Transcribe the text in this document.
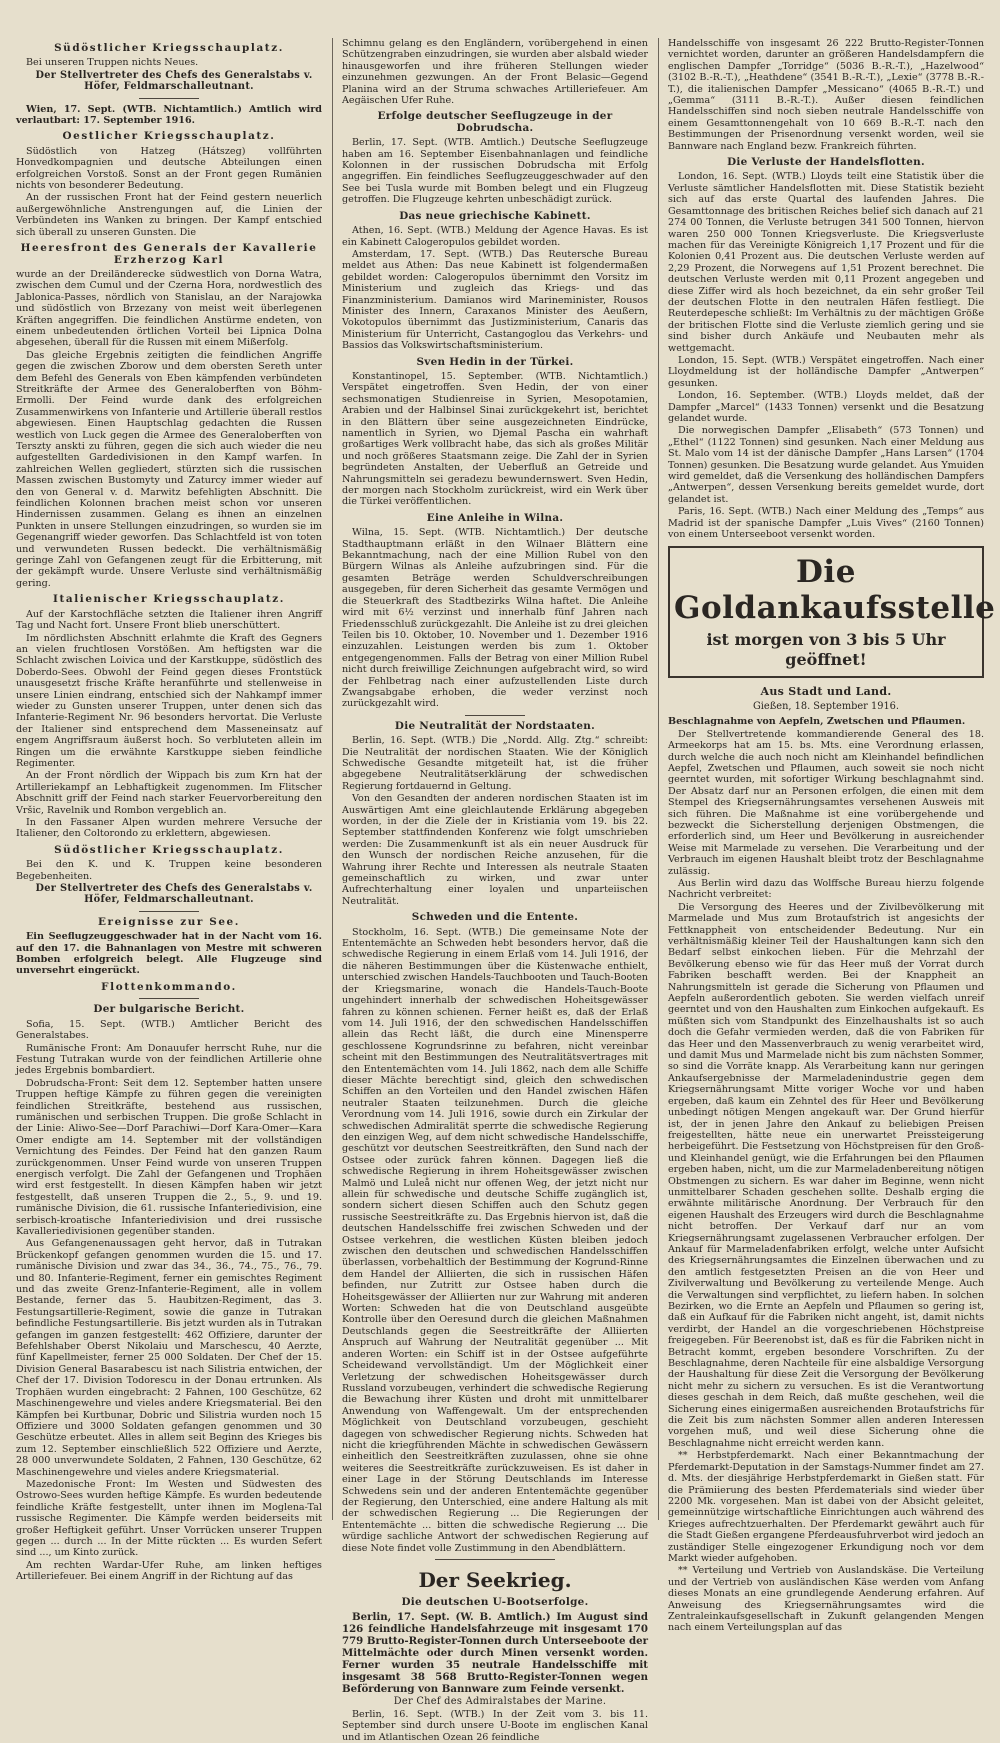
Südöstlicher Kriegsschauplatz.

Bei unseren Truppen nichts Neues.

Der Stellvertreter des Chefs des Generalstabs v. Höfer, Feldmarschalleutnant.

Wien, 17. Sept. (WTB. Nichtamtlich.) Amtlich wird verlautbart: 17. September 1916.

Oestlicher Kriegsschauplatz.

Südöstlich von Hatzeg (Hátszeg) vollführten Honvedkompagnien und deutsche Abteilungen einen erfolgreichen Vorstoß. Sonst an der Front gegen Rumänien nichts von besonderer Bedeutung.

An der russischen Front hat der Feind gestern neuerlich außergewöhnliche Anstrengungen auf, die Linien der Verbündeten ins Wanken zu bringen. Der Kampf entschied sich überall zu unseren Gunsten. Die

Heeresfront des Generals der Kavallerie Erzherzog Karl

wurde an der Dreiländerecke südwestlich von Dorna Watra, zwischen dem Cumul und der Czerna Hora, nordwestlich des Jablonica-Passes, nördlich von Stanislau, an der Narajowka und südöstlich von Brzezany von meist weit überlegenen Kräften angegriffen. Die feindlichen Anstürme endeten, von einem unbedeutenden örtlichen Vorteil bei Lipnica Dolna abgesehen, überall für die Russen mit einem Mißerfolg.

Das gleiche Ergebnis zeitigten die feindlichen Angriffe gegen die zwischen Zborow und dem obersten Sereth unter dem Befehl des Generals von Eben kämpfenden verbündeten Streitkräfte der Armee des Generaloberften von Böhm-Ermolli. Der Feind wurde dank des erfolgreichen Zusammenwirkens von Infanterie und Artillerie überall restlos abgewiesen. Einen Hauptschlag gedachten die Russen westlich von Luck gegen die Armee des Generaloberften von Terszty anskti zu führen, gegen die sich auch wieder die neu aufgestellten Gardedivisionen in den Kampf warfen. In zahlreichen Wellen gegliedert, stürzten sich die russischen Massen zwischen Bustomyty und Zaturcy immer wieder auf den von General v. d. Marwitz befehligten Abschnitt. Die feindlichen Kolonnen brachen meist schon vor unseren Hindernissen zusammen. Gelang es ihnen an einzelnen Punkten in unsere Stellungen einzudringen, so wurden sie im Gegenangriff wieder geworfen. Das Schlachtfeld ist von toten und verwundeten Russen bedeckt. Die verhältnismäßig geringe Zahl von Gefangenen zeugt für die Erbitterung, mit der gekämpft wurde. Unsere Verluste sind verhältnismäßig gering.

Italienischer Kriegsschauplatz.

Auf der Karstochfläche setzten die Italiener ihren Angriff Tag und Nacht fort. Unsere Front blieb unerschüttert.

Im nördlichsten Abschnitt erlahmte die Kraft des Gegners an vielen fruchtlosen Vorstößen. Am heftigsten war die Schlacht zwischen Loivica und der Karstkuppe, südöstlich des Doberdo-Sees. Obwohl der Feind gegen dieses Frontstück unausgesetzt frische Kräfte heranführte und stellenweise in unsere Linien eindrang, entschied sich der Nahkampf immer wieder zu Gunsten unserer Truppen, unter denen sich das Infanterie-Regiment Nr. 96 besonders hervortat. Die Verluste der Italiener sind entsprechend dem Masseneinsatz auf engem Angriffsraum äußerst hoch. So verbluteten allein im Ringen um die erwähnte Karstkuppe sieben feindliche Regimenter.

An der Front nördlich der Wippach bis zum Krn hat der Artilleriekampf an Lebhaftigkeit zugenommen. Im Flitscher Abschnitt griff der Feind nach starker Feuervorbereitung den Vršic, Ravelnik und Rombon vergeblich an.

In den Fassaner Alpen wurden mehrere Versuche der Italiener, den Coltorondo zu erklettern, abgewiesen.

Südöstlicher Kriegsschauplatz.

Bei den K. und K. Truppen keine besonderen Begebenheiten.

Der Stellvertreter des Chefs des Generalstabs v. Höfer, Feldmarschalleutnant.

Ereignisse zur See.

Ein Seeflugzeuggeschwader hat in der Nacht vom 16. auf den 17. die Bahnanlagen von Mestre mit schweren Bomben erfolgreich belegt. Alle Flugzeuge sind unversehrt eingerückt.

Flottenkommando.
Der bulgarische Bericht.

Sofia, 15. Sept. (WTB.) Amtlicher Bericht des Generalstabes.

Rumänische Front: Am Donauufer herrscht Ruhe, nur die Festung Tutrakan wurde von der feindlichen Artillerie ohne jedes Ergebnis bombardiert.

Dobrudscha-Front: Seit dem 12. September hatten unsere Truppen heftige Kämpfe zu führen gegen die vereinigten feindlichen Streitkräfte, bestehend aus russischen, rumänischen und serbischen Truppen. Die große Schlacht in der Linie: Aliwo-See—Dorf Parachiwi—Dorf Kara-Omer—Kara Omer endigte am 14. September mit der vollständigen Vernichtung des Feindes. Der Feind hat den ganzen Raum zurückgenommen. Unser Feind wurde von unseren Truppen energisch verfolgt. Die Zahl der Gefangenen und Trophäen wird erst festgestellt. In diesen Kämpfen haben wir jetzt festgestellt, daß unseren Truppen die 2., 5., 9. und 19. rumänische Division, die 61. russische Infanteriedivision, eine serbisch-kroatische Infanteriedivision und drei russische Kavalleriedivisionen gegenüber standen.

Aus Gefangenenaussagen geht hervor, daß in Tutrakan Brückenkopf gefangen genommen wurden die 15. und 17. rumänische Division und zwar das 34., 36., 74., 75., 76., 79. und 80. Infanterie-Regiment, ferner ein gemischtes Regiment und das zweite Grenz-Infanterie-Regiment, alle in vollem Bestande, ferner das 5. Haubitzen-Regiment, das 3. Festungsartillerie-Regiment, sowie die ganze in Tutrakan befindliche Festungsartillerie. Bis jetzt wurden als in Tutrakan gefangen im ganzen festgestellt: 462 Offiziere, darunter der Befehlshaber Oberst Nikolaiu und Marschescu, 40 Aerzte, fünf Kapellmeister, ferner 25 000 Soldaten. Der Chef der 15. Division General Basarabescu ist nach Silistria entwichen, der Chef der 17. Division Todorescu in der Donau ertrunken. Als Trophäen wurden eingebracht: 2 Fahnen, 100 Geschütze, 62 Maschinengewehre und vieles andere Kriegsmaterial. Bei den Kämpfen bei Kurtbunar, Dobric und Silistria wurden noch 15 Offiziere und 3000 Soldaten gefangen genommen und 30 Geschütze erbeutet. Alles in allem seit Beginn des Krieges bis zum 12. September einschließlich 522 Offiziere und Aerzte, 28 000 unverwundete Soldaten, 2 Fahnen, 130 Geschütze, 62 Maschinengewehre und vieles andere Kriegsmaterial.

Mazedonische Front: Im Westen und Südwesten des Ostrowo-Sees wurden heftige Kämpfe. Es wurden bedeutende feindliche Kräfte festgestellt, unter ihnen im Moglena-Tal russische Regimenter. Die Kämpfe werden beiderseits mit großer Heftigkeit geführt. Unser Vorrücken unserer Truppen gegen ... durch ... In der Mitte rückten ... Es wurden Sefert sind ..., um Kinto zurück.

Am rechten Wardar-Ufer Ruhe, am linken heftiges Artilleriefeuer. Bei einem Angriff in der Richtung auf das

Schimnu gelang es den Engländern, vorübergehend in einen Schützengraben einzudringen, sie wurden aber alsbald wieder hinausgeworfen und ihre früheren Stellungen wieder einzunehmen gezwungen. An der Front Belasic—Gegend Planina wird an der Struma schwaches Artilleriefeuer. Am Aegäischen Ufer Ruhe.

Erfolge deutscher Seeflugzeuge in der Dobrudscha.

Berlin, 17. Sept. (WTB. Amtlich.) Deutsche Seeflugzeuge haben am 16. September Eisenbahnanlagen und feindliche Kolonnen in der russischen Dobrudscha mit Erfolg angegriffen. Ein feindliches Seeflugzeuggeschwader auf den See bei Tusla wurde mit Bomben belegt und ein Flugzeug getroffen. Die Flugzeuge kehrten unbeschädigt zurück.

Das neue griechische Kabinett.

Athen, 16. Sept. (WTB.) Meldung der Agence Havas. Es ist ein Kabinett Calogeropulos gebildet worden.

Amsterdam, 17. Sept. (WTB.) Das Reutersche Bureau meldet aus Athen: Das neue Kabinett ist folgendermaßen gebildet worden: Calogeropulos übernimmt den Vorsitz im Ministerium und zugleich das Kriegs- und das Finanzministerium. Damianos wird Marineminister, Rousos Minister des Innern, Caraxanos Minister des Aeußern, Vokotopulos übernimmt das Justizministerium, Canaris das Ministerium für Unterricht, Castangoglou das Verkehrs- und Bassios das Volkswirtschaftsministerium.

Sven Hedin in der Türkei.

Konstantinopel, 15. September. (WTB. Nichtamtlich.) Verspätet eingetroffen. Sven Hedin, der von einer sechsmonatigen Studienreise in Syrien, Mesopotamien, Arabien und der Halbinsel Sinai zurückgekehrt ist, berichtet in den Blättern über seine ausgezeichneten Eindrücke, namentlich in Syrien, wo Djemal Pascha ein wahrhaft großartiges Werk vollbracht habe, das sich als großes Militär und noch größeres Staatsmann zeige. Die Zahl der in Syrien begründeten Anstalten, der Ueberfluß an Getreide und Nahrungsmitteln sei geradezu bewundernswert. Sven Hedin, der morgen nach Stockholm zurückreist, wird ein Werk über die Türkei veröffentlichen.

Eine Anleihe in Wilna.

Wilna, 15. Sept. (WTB. Nichtamtlich.) Der deutsche Stadthauptmann erläßt in den Wilnaer Blättern eine Bekanntmachung, nach der eine Million Rubel von den Bürgern Wilnas als Anleihe aufzubringen sind. Für die gesamten Beträge werden Schuldverschreibungen ausgegeben, für deren Sicherheit das gesamte Vermögen und die Steuerkraft des Stadtbezirks Wilna haftet. Die Anleihe wird mit 6½ verzinst und innerhalb fünf Jahren nach Friedensschluß zurückgezahlt. Die Anleihe ist zu drei gleichen Teilen bis 10. Oktober, 10. November und 1. Dezember 1916 einzuzahlen. Leistungen werden bis zum 1. Oktober entgegengenommen. Falls der Betrag von einer Million Rubel nicht durch freiwillige Zeichnungen aufgebracht wird, so wird der Fehlbetrag nach einer aufzustellenden Liste durch Zwangsabgabe erhoben, die weder verzinst noch zurückgezahlt wird.

Die Neutralität der Nordstaaten.

Berlin, 16. Sept. (WTB.) Die „Nordd. Allg. Ztg.“ schreibt: Die Neutralität der nordischen Staaten. Wie der Königlich Schwedische Gesandte mitgeteilt hat, ist die früher abgegebene Neutralitätserklärung der schwedischen Regierung fortdauernd in Geltung.

Von den Gesandten der anderen nordischen Staaten ist im Auswärtigen Amt eine gleichlautende Erklärung abgegeben worden, in der die Ziele der in Kristiania vom 19. bis 22. September stattfindenden Konferenz wie folgt umschrieben werden: Die Zusammenkunft ist als ein neuer Ausdruck für den Wunsch der nordischen Reiche anzusehen, für die Wahrung ihrer Rechte und Interessen als neutrale Staaten gemeinschaftlich zu wirken, und zwar unter Aufrechterhaltung einer loyalen und unparteiischen Neutralität.

Schweden und die Entente.

Stockholm, 16. Sept. (WTB.) Die gemeinsame Note der Ententemächte an Schweden hebt besonders hervor, daß die schwedische Regierung in einem Erlaß vom 14. Juli 1916, der die näheren Bestimmungen über die Küstenwache enthielt, unterschied zwischen Handels-Tauchbooten und Tauch-Booten der Kriegsmarine, wonach die Handels-Tauch-Boote ungehindert innerhalb der schwedischen Hoheitsgewässer fahren zu können schienen. Ferner heißt es, daß der Erlaß vom 14. Juli 1916, der den schwedischen Handelsschiffen allein das Recht läßt, die durch eine Minensperre geschlossene Kogrundsrinne zu befahren, nicht vereinbar scheint mit den Bestimmungen des Neutralitätsvertrages mit den Ententemächten vom 14. Juli 1862, nach dem alle Schiffe dieser Mächte berechtigt sind, gleich den schwedischen Schiffen an den Vorteilen und den Handel zwischen Häfen neutraler Staaten teilzunehmen. Durch die gleiche Verordnung vom 14. Juli 1916, sowie durch ein Zirkular der schwedischen Admiralität sperrte die schwedische Regierung den einzigen Weg, auf dem nicht schwedische Handelsschiffe, geschützt vor deutschen Seestreitkräften, den Sund nach der Ostsee oder zurück fahren können. Dagegen ließ die schwedische Regierung in ihrem Hoheitsgewässer zwischen Malmö und Luleå nicht nur offenen Weg, der jetzt nicht nur allein für schwedische und deutsche Schiffe zugänglich ist, sondern sichert diesen Schiffen auch den Schutz gegen russische Seestreitkräfte zu. Das Ergebnis hiervon ist, daß die deutschen Handelsschiffe frei zwischen Schweden und der Ostsee verkehren, die westlichen Küsten bleiben jedoch zwischen den deutschen und schwedischen Handelsschiffen überlassen, vorbehaltlich der Bestimmung der Kogrund-Rinne dem Handel der Alliierten, die sich in russischen Häfen befinden, nur Zutritt zur Ostsee haben durch die Hoheitsgewässer der Alliierten nur zur Wahrung mit anderen Worten: Schweden hat die von Deutschland ausgeübte Kontrolle über den Oeresund durch die gleichen Maßnahmen Deutschlands gegen die Seestreitkräfte der Alliierten Anspruch auf Wahrung der Neutralität gegenüber ... Mit anderen Worten: ein Schiff ist in der Ostsee aufgeführte Scheidewand vervollständigt. Um der Möglichkeit einer Verletzung der schwedischen Hoheitsgewässer durch Russland vorzubeugen, verhindert die schwedische Regierung die Bewachung ihrer Küsten und droht mit unmittelbarer Anwendung von Waffengewalt. Um der entsprechenden Möglichkeit von Deutschland vorzubeugen, geschieht dagegen von schwedischer Regierung nichts. Schweden hat nicht die kriegführenden Mächte in schwedischen Gewässern einheitlich den Seestreitkräften zuzulassen, ohne sie ohne weiteres die Seestreitkräfte zurückzuweisen. Es ist daher in einer Lage in der Störung Deutschlands im Interesse Schwedens sein und der anderen Ententemächte gegenüber der Regierung, den Unterschied, eine andere Haltung als mit der schwedischen Regierung ... Die Regierungen der Ententemächte ... bitten die schwedische Regierung ... Die würdige sachliche Antwort der schwedischen Regierung auf diese Note findet volle Zustimmung in den Abendblättern.

Der Seekrieg.
Die deutschen U-Bootserfolge.

Berlin, 17. Sept. (W. B. Amtlich.) Im August sind 126 feindliche Handelsfahrzeuge mit insgesamt 170 779 Brutto-Register-Tonnen durch Unterseeboote der Mittelmächte oder durch Minen versenkt worden. Ferner wurden 35 neutrale Handelsschiffe mit insgesamt 38 568 Brutto-Register-Tonnen wegen Beförderung von Bannware zum Feinde versenkt.

Der Chef des Admiralstabes der Marine.

Berlin, 16. Sept. (WTB.) In der Zeit vom 3. bis 11. September sind durch unsere U-Boote im englischen Kanal und im Atlantischen Ozean 26 feindliche

Handelsschiffe von insgesamt 26 222 Brutto-Register-Tonnen vernichtet worden, darunter an größeren Handelsdampfern die englischen Dampfer „Torridge“ (5036 B.-R.-T.), „Hazelwood“ (3102 B.-R.-T.), „Heathdene“ (3541 B.-R.-T.), „Lexie“ (3778 B.-R.-T.), die italienischen Dampfer „Messicano“ (4065 B.-R.-T.) und „Gemma“ (3111 B.-R.-T.). Außer diesen feindlichen Handelsschiffen sind noch sieben neutrale Handelsschiffe von einem Gesamttonnengehalt von 10 669 B.-R.-T. nach den Bestimmungen der Prisenordnung versenkt worden, weil sie Bannware nach England bezw. Frankreich führten.

Die Verluste der Handelsflotten.

London, 16. Sept. (WTB.) Lloyds teilt eine Statistik über die Verluste sämtlicher Handelsflotten mit. Diese Statistik bezieht sich auf das erste Quartal des laufenden Jahres. Die Gesamttonnage des britischen Reiches belief sich danach auf 21 274 00 Tonnen, die Verluste betrugen 341 500 Tonnen, hiervon waren 250 000 Tonnen Kriegsverluste. Die Kriegsverluste machen für das Vereinigte Königreich 1,17 Prozent und für die Kolonien 0,41 Prozent aus. Die deutschen Verluste werden auf 2,29 Prozent, die Norwegens auf 1,51 Prozent berechnet. Die deutschen Verluste werden mit 0,11 Prozent angegeben und diese Ziffer wird als hoch bezeichnet, da ein sehr großer Teil der deutschen Flotte in den neutralen Häfen festliegt. Die Reuterdepesche schließt: Im Verhältnis zu der mächtigen Größe der britischen Flotte sind die Verluste ziemlich gering und sie sind bisher durch Ankäufe und Neubauten mehr als wettgemacht.

London, 15. Sept. (WTB.) Verspätet eingetroffen. Nach einer Lloydmeldung ist der holländische Dampfer „Antwerpen“ gesunken.

London, 16. September. (WTB.) Lloyds meldet, daß der Dampfer „Marcel“ (1433 Tonnen) versenkt und die Besatzung gelandet wurde.

Die norwegischen Dampfer „Elisabeth“ (573 Tonnen) und „Ethel“ (1122 Tonnen) sind gesunken. Nach einer Meldung aus St. Malo vom 14 ist der dänische Dampfer „Hans Larsen“ (1704 Tonnen) gesunken. Die Besatzung wurde gelandet. Aus Ymuiden wird gemeldet, daß die Versenkung des holländischen Dampfers „Antwerpen“, dessen Versenkung bereits gemeldet wurde, dort gelandet ist.

Paris, 16. Sept. (WTB.) Nach einer Meldung des „Temps“ aus Madrid ist der spanische Dampfer „Luis Vives“ (2160 Tonnen) von einem Unterseeboot versenkt worden.

Die Goldankaufsstelle
ist morgen von 3 bis 5 Uhr geöffnet!
Aus Stadt und Land.
Gießen, 18. September 1916.

Beschlagnahme von Aepfeln, Zwetschen und Pflaumen.

Der Stellvertretende kommandierende General des 18. Armeekorps hat am 15. bs. Mts. eine Verordnung erlassen, durch welche die auch noch nicht am Kleinhandel befindlichen Aepfel, Zwetschen und Pflaumen, auch soweit sie noch nicht geerntet wurden, mit sofortiger Wirkung beschlagnahmt sind. Der Absatz darf nur an Personen erfolgen, die einen mit dem Stempel des Kriegsernährungsamtes versehenen Ausweis mit sich führen. Die Maßnahme ist eine vorübergehende und bezweckt die Sicherstellung derjenigen Obstmengen, die erforderlich sind, um Heer und Bevölkerung in ausreichender Weise mit Marmelade zu versehen. Die Verarbeitung und der Verbrauch im eigenen Haushalt bleibt trotz der Beschlagnahme zulässig.

Aus Berlin wird dazu das Wolffsche Bureau hierzu folgende Nachricht verbreitet:

Die Versorgung des Heeres und der Zivilbevölkerung mit Marmelade und Mus zum Brotaufstrich ist angesichts der Fettknappheit von entscheidender Bedeutung. Nur ein verhältnismäßig kleiner Teil der Haushaltungen kann sich den Bedarf selbst einkochen lieben. Für die Mehrzahl der Bevölkerung ebenso wie für das Heer muß der Vorrat durch Fabriken beschafft werden. Bei der Knappheit an Nahrungsmitteln ist gerade die Sicherung von Pflaumen und Aepfeln außerordentlich geboten. Sie werden vielfach unreif geerntet und von den Haushalten zum Einkochen aufgekauft. Es müßten sich vom Standpunkt des Einzelhaushalts ist so auch doch die Gefahr vermieden werden, daß die von Fabriken für das Heer und den Massenverbrauch zu wenig verarbeitet wird, und damit Mus und Marmelade nicht bis zum nächsten Sommer, so sind die Vorräte knapp. Als Verarbeitung kann nur geringen Ankaufsergebnisse der Marmeladenindustrie gegen dem Kriegsernährungsamt Mitte voriger Woche vor und haben ergeben, daß kaum ein Zehntel des für Heer und Bevölkerung unbedingt nötigen Mengen angekauft war. Der Grund hierfür ist, der in jenen Jahre den Ankauf zu beliebigen Preisen freigestellten, hätte neue ein unerwartet Preissteigerung herbeigeführt. Die Festsetzung von Höchstpreisen für den Groß- und Kleinhandel genügt, wie die Erfahrungen bei den Pflaumen ergeben haben, nicht, um die zur Marmeladenbereitung nötigen Obstmengen zu sichern. Es war daher im Beginne, wenn nicht unmittelbarer Schaden geschehen sollte. Deshalb erging die erwähnte militärische Anordnung. Der Verbrauch für den eigenen Haushalt des Erzeugers wird durch die Beschlagnahme nicht betroffen. Der Verkauf darf nur an vom Kriegsernährungsamt zugelassenen Verbraucher erfolgen. Der Ankauf für Marmeladenfabriken erfolgt, welche unter Aufsicht des Kriegsernährungsamtes die Einzelnen überwachen und zu den amtlich festgesetzten Preisen an die von Heer und Zivilverwaltung und Bevölkerung zu verteilende Menge. Auch die Verwaltungen sind verpflichtet, zu liefern haben. In solchen Bezirken, wo die Ernte an Aepfeln und Pflaumen so gering ist, daß ein Aufkauf für die Fabriken nicht angeht, ist, damit nichts verdirbt, der Handel an die vorgeschriebenen Höchstpreise freigegeben. Für Beerenobst ist, daß es für die Fabriken nicht in Betracht kommt, ergeben besondere Vorschriften. Zu der Beschlagnahme, deren Nachteile für eine alsbaldige Versorgung der Haushaltung für diese Zeit die Versorgung der Bevölkerung nicht mehr zu sichern zu versuchen. Es ist die Verantwortung dieses geschah in dem Reich, daß mußte geschehen, weil die Sicherung eines einigermaßen ausreichenden Brotaufstrichs für die Zeit bis zum nächsten Sommer allen anderen Interessen vorgehen muß, und weil diese Sicherung ohne die Beschlagnahme nicht erreicht werden kann.

** Herbstpferdemarkt. Nach einer Bekanntmachung der Pferdemarkt-Deputation in der Samstags-Nummer findet am 27. d. Mts. der diesjährige Herbstpferdemarkt in Gießen statt. Für die Prämiierung des besten Pferdematerials sind wieder über 2200 Mk. vorgesehen. Man ist dabei von der Absicht geleitet, gemeinnützige wirtschaftliche Einrichtungen auch während des Krieges aufrechtzuerhalten. Der Pferdemarkt gewährt auch für die Stadt Gießen ergangene Pferdeausfuhrverbot wird jedoch an zuständiger Stelle eingezogener Erkundigung noch vor dem Markt wieder aufgehoben.

** Verteilung und Vertrieb von Auslandskäse. Die Verteilung und der Vertrieb von ausländischen Käse werden vom Anfang dieses Monats an eine grundlegende Aenderung erfahren. Auf Anweisung des Kriegsernährungsamtes wird die Zentraleinkaufsgesellschaft in Zukunft gelangenden Mengen nach einem Verteilungsplan auf das
